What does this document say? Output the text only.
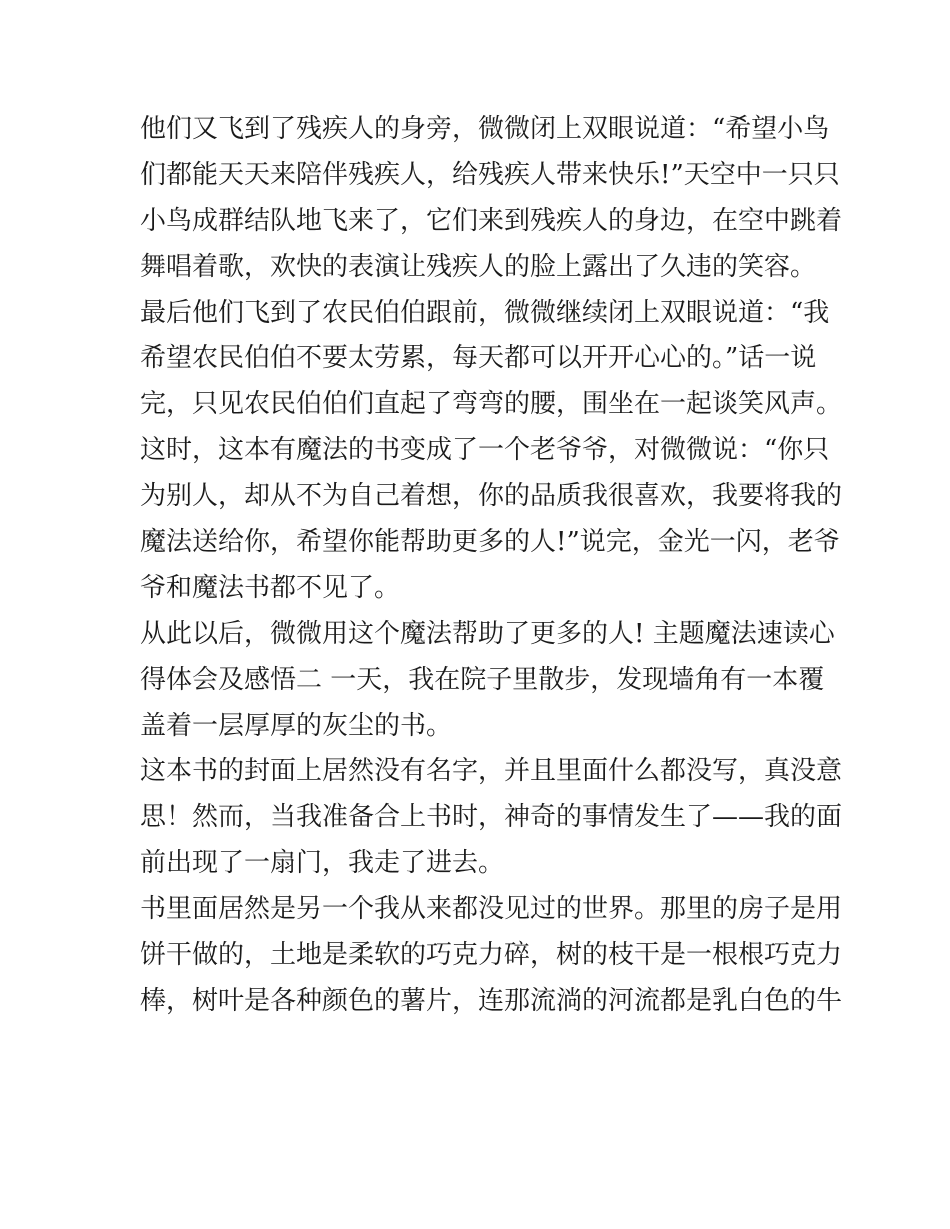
他们又飞到了残疾人的身旁，微微闭上双眼说道：“希望小鸟
们都能天天来陪伴残疾人，给残疾人带来快乐!”天空中一只只
小鸟成群结队地飞来了，它们来到残疾人的身边，在空中跳着
舞唱着歌，欢快的表演让残疾人的脸上露出了久违的笑容。
最后他们飞到了农民伯伯跟前，微微继续闭上双眼说道：“我
希望农民伯伯不要太劳累，每天都可以开开心心的。”话一说
完，只见农民伯伯们直起了弯弯的腰，围坐在一起谈笑风声。
这时，这本有魔法的书变成了一个老爷爷，对微微说：“你只
为别人，却从不为自己着想，你的品质我很喜欢，我要将我的
魔法送给你，希望你能帮助更多的人!”说完，金光一闪，老爷
爷和魔法书都不见了。
从此以后，微微用这个魔法帮助了更多的人! 主题魔法速读心
得体会及感悟二 一天，我在院子里散步，发现墙角有一本覆
盖着一层厚厚的灰尘的书。
这本书的封面上居然没有名字，并且里面什么都没写，真没意
思！然而，当我准备合上书时，神奇的事情发生了——我的面
前出现了一扇门，我走了进去。
书里面居然是另一个我从来都没见过的世界。那里的房子是用
饼干做的，土地是柔软的巧克力碎，树的枝干是一根根巧克力
棒，树叶是各种颜色的薯片，连那流淌的河流都是乳白色的牛
